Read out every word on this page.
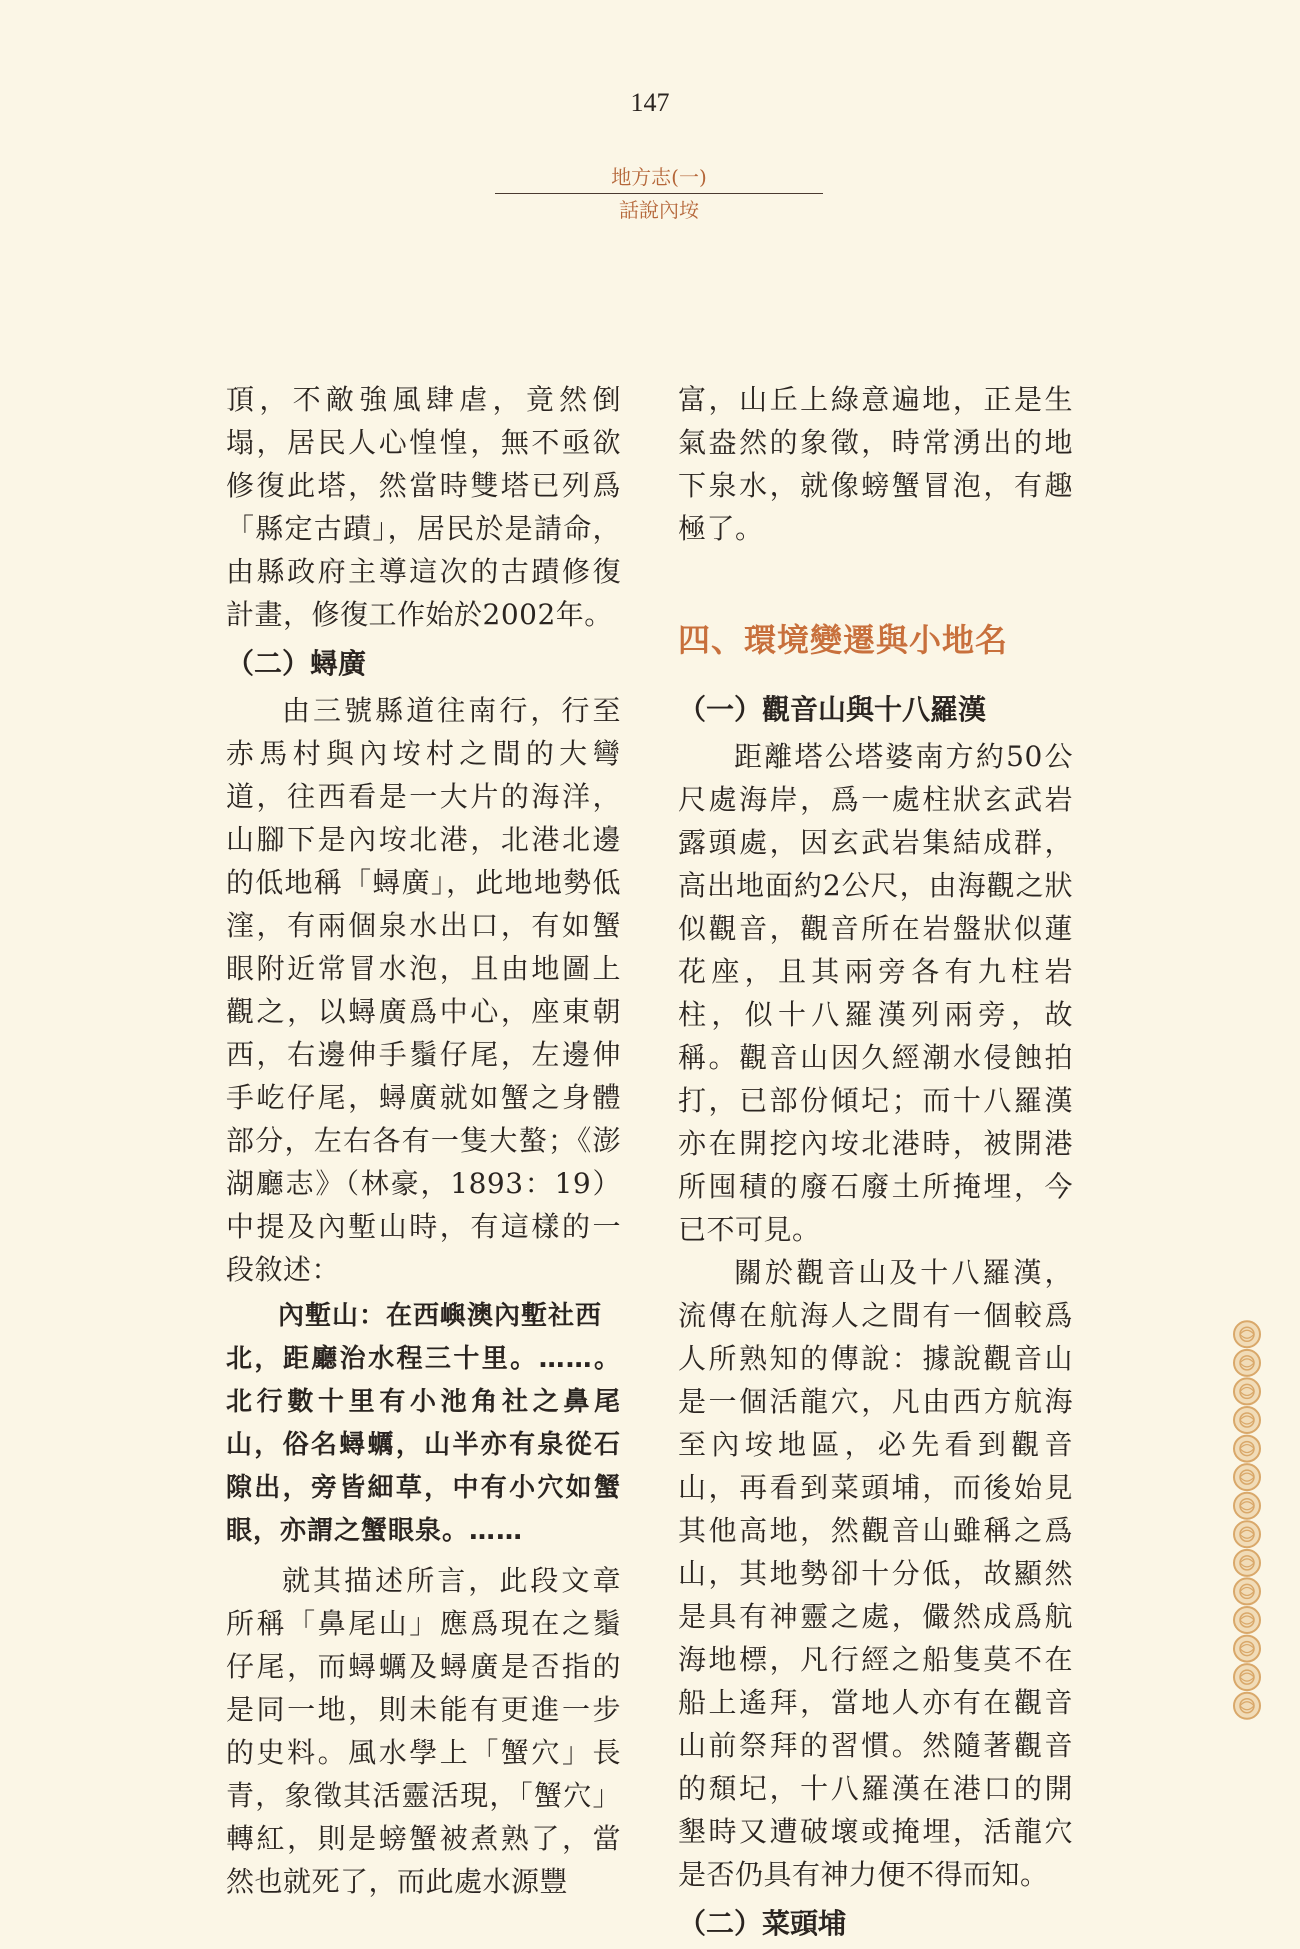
147
地方志(一)
話說內垵

頂，不敵強風肆虐，竟然倒塌，居民人心惶惶，無不亟欲修復此塔，然當時雙塔已列爲「縣定古蹟」，居民於是請命，由縣政府主導這次的古蹟修復計畫，修復工作始於2002年。

（二）蟳廣

由三號縣道往南行，行至赤馬村與內垵村之間的大彎道，往西看是一大片的海洋，山腳下是內垵北港，北港北邊的低地稱「蟳廣」，此地地勢低漥，有兩個泉水出口，有如蟹眼附近常冒水泡，且由地圖上觀之，以蟳廣爲中心，座東朝西，右邊伸手鬚仔尾，左邊伸手屹仔尾，蟳廣就如蟹之身體部分，左右各有一隻大螯；《澎湖廳志》（林豪，1893：19）中提及內塹山時，有這樣的一段敘述：

內塹山：在西嶼澳內塹社西
北，距廳治水程三十里。……。北行數十里有小池角社之鼻尾山，俗名蟳蠣，山半亦有泉從石隙出，旁皆細草，中有小穴如蟹眼，亦謂之蟹眼泉。……

就其描述所言，此段文章所稱「鼻尾山」應爲現在之鬚仔尾，而蟳蠣及蟳廣是否指的是同一地，則未能有更進一步的史料。風水學上「蟹穴」長青，象徵其活靈活現，「蟹穴」轉紅，則是螃蟹被煮熟了，當然也就死了，而此處水源豐

富，山丘上綠意遍地，正是生氣盎然的象徵，時常湧出的地下泉水，就像螃蟹冒泡，有趣極了。

四、環境變遷與小地名
（一）觀音山與十八羅漢

距離塔公塔婆南方約50公尺處海岸，爲一處柱狀玄武岩露頭處，因玄武岩集結成群，高出地面約2公尺，由海觀之狀似觀音，觀音所在岩盤狀似蓮花座，且其兩旁各有九柱岩柱，似十八羅漢列兩旁，故稱。觀音山因久經潮水侵蝕拍打，已部份傾圮；而十八羅漢亦在開挖內垵北港時，被開港所囤積的廢石廢土所掩埋，今已不可見。

關於觀音山及十八羅漢，流傳在航海人之間有一個較爲人所熟知的傳說：據說觀音山是一個活龍穴，凡由西方航海至內垵地區，必先看到觀音山，再看到菜頭埔，而後始見其他高地，然觀音山雖稱之爲山，其地勢卻十分低，故顯然是具有神靈之處，儼然成爲航海地標，凡行經之船隻莫不在船上遙拜，當地人亦有在觀音山前祭拜的習慣。然隨著觀音的頹圮，十八羅漢在港口的開墾時又遭破壞或掩埋，活龍穴是否仍具有神力便不得而知。

（二）菜頭埔
